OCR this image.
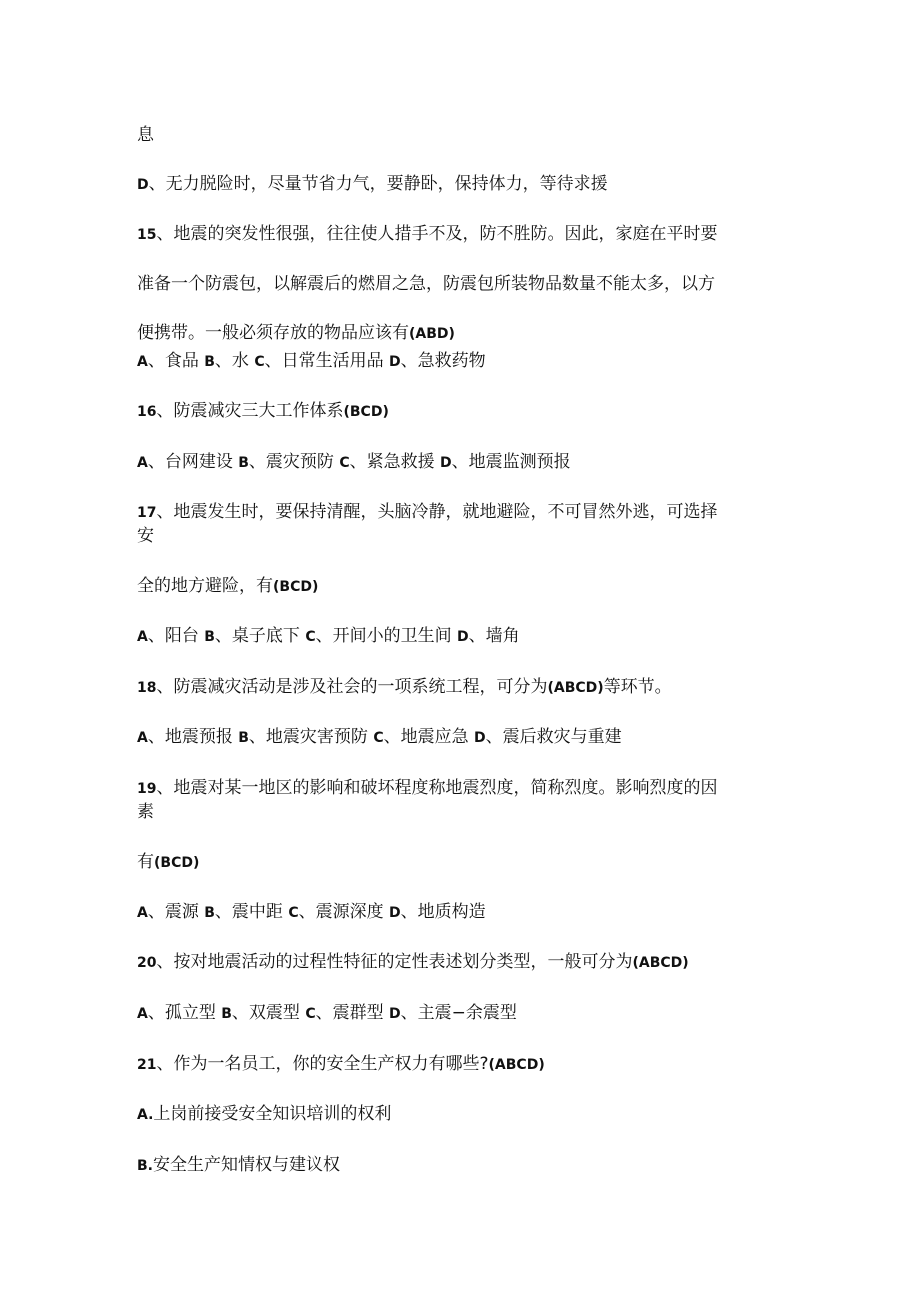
息
D、无力脱险时，尽量节省力气，要静卧，保持体力，等待求援
15、地震的突发性很强，往往使人措手不及，防不胜防。因此，家庭在平时要
准备一个防震包，以解震后的燃眉之急，防震包所装物品数量不能太多，以方
便携带。一般必须存放的物品应该有(ABD)
A、食品 B、水 C、日常生活用品 D、急救药物
16、防震减灾三大工作体系(BCD)
A、台网建设 B、震灾预防 C、紧急救援 D、地震监测预报
17、地震发生时，要保持清醒，头脑冷静，就地避险，不可冒然外逃，可选择
安
全的地方避险，有(BCD)
A、阳台 B、桌子底下 C、开间小的卫生间 D、墙角
18、防震减灾活动是涉及社会的一项系统工程，可分为(ABCD)等环节。
A、地震预报 B、地震灾害预防 C、地震应急 D、震后救灾与重建
19、地震对某一地区的影响和破坏程度称地震烈度，简称烈度。影响烈度的因
素
有(BCD)
A、震源 B、震中距 C、震源深度 D、地质构造
20、按对地震活动的过程性特征的定性表述划分类型，一般可分为(ABCD)
A、孤立型 B、双震型 C、震群型 D、主震−余震型
21、作为一名员工，你的安全生产权力有哪些?(ABCD)
A.上岗前接受安全知识培训的权利
B.安全生产知情权与建议权
